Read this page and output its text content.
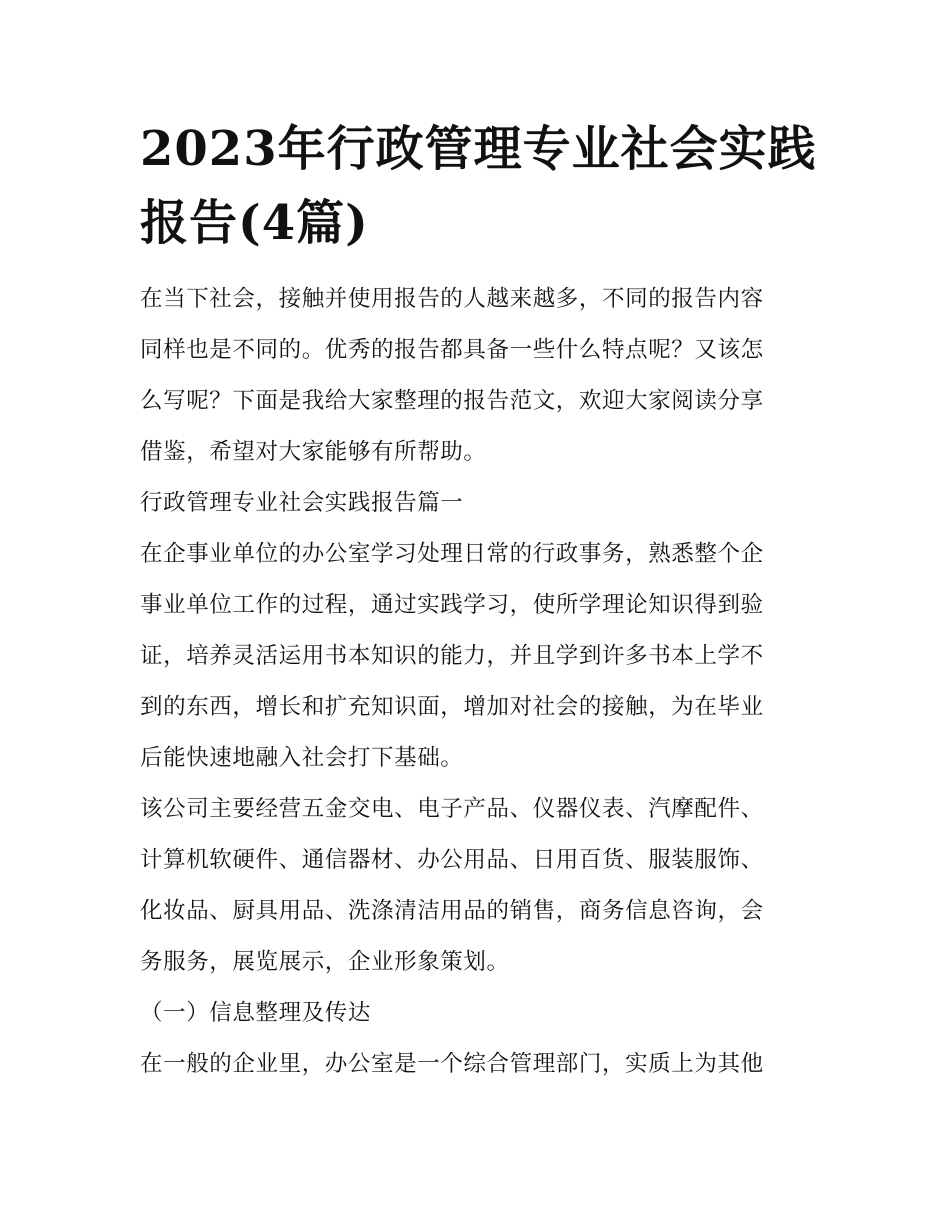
2023年行政管理专业社会实践
报告(4篇)
在当下社会，接触并使用报告的人越来越多，不同的报告内容
同样也是不同的。优秀的报告都具备一些什么特点呢？又该怎
么写呢？下面是我给大家整理的报告范文，欢迎大家阅读分享
借鉴，希望对大家能够有所帮助。
行政管理专业社会实践报告篇一
在企事业单位的办公室学习处理日常的行政事务，熟悉整个企
事业单位工作的过程，通过实践学习，使所学理论知识得到验
证，培养灵活运用书本知识的能力，并且学到许多书本上学不
到的东西，增长和扩充知识面，增加对社会的接触，为在毕业
后能快速地融入社会打下基础。
该公司主要经营五金交电、电子产品、仪器仪表、汽摩配件、
计算机软硬件、通信器材、办公用品、日用百货、服装服饰、
化妆品、厨具用品、洗涤清洁用品的销售，商务信息咨询，会
务服务，展览展示，企业形象策划。
（一）信息整理及传达
在一般的企业里，办公室是一个综合管理部门，实质上为其他
